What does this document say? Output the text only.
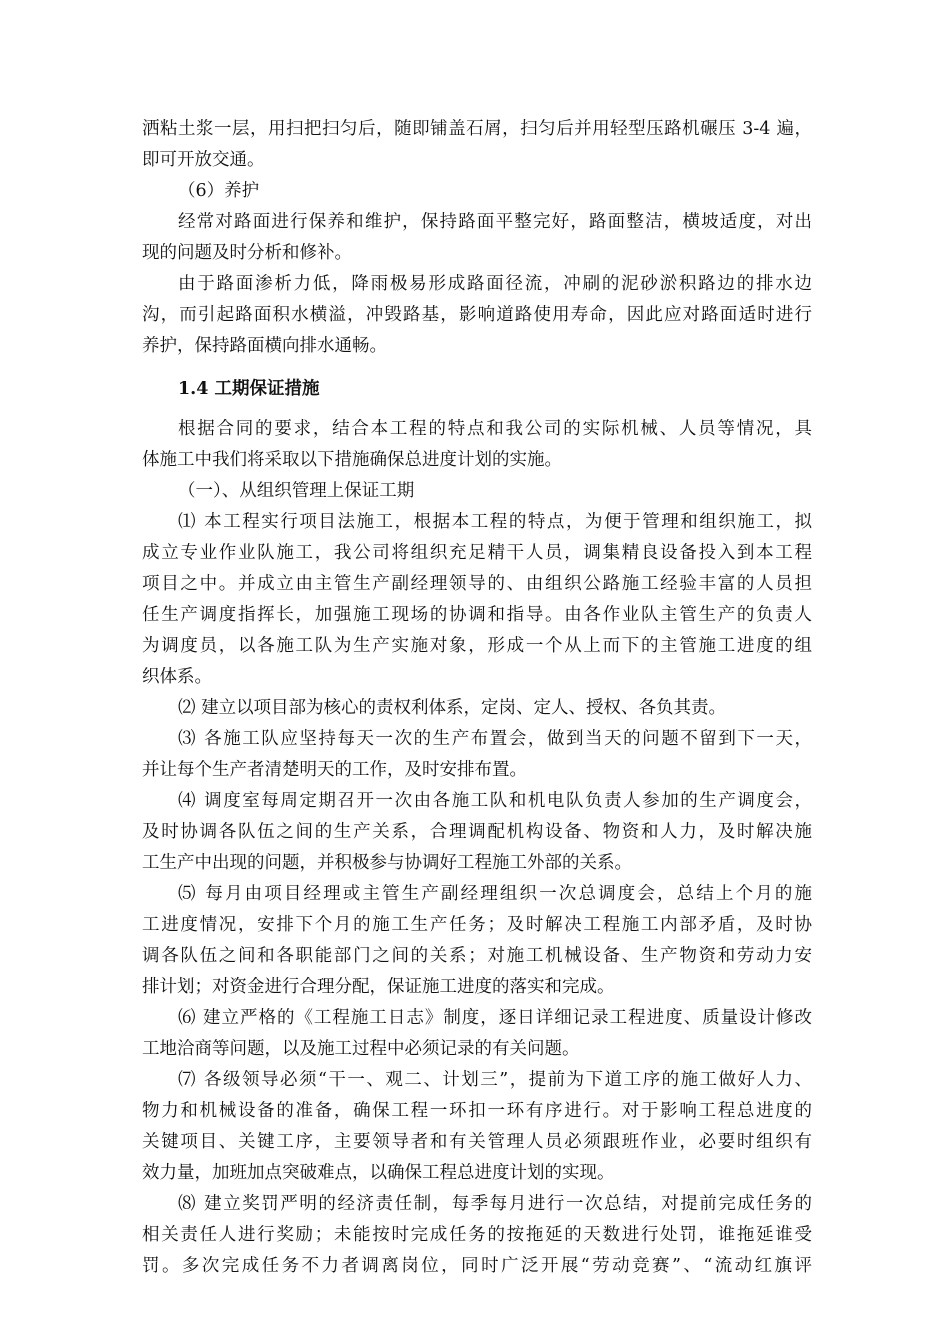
洒粘土浆一层，用扫把扫匀后，随即铺盖石屑，扫匀后并用轻型压路机碾压 3-4 遍，
即可开放交通。
（6）养护
经常对路面进行保养和维护，保持路面平整完好，路面整洁，横坡适度，对出
现的问题及时分析和修补。
由于路面渗析力低，降雨极易形成路面径流，冲刷的泥砂淤积路边的排水边
沟，而引起路面积水横溢，冲毁路基，影响道路使用寿命，因此应对路面适时进行
养护，保持路面横向排水通畅。
1.4 工期保证措施
根据合同的要求，结合本工程的特点和我公司的实际机械、人员等情况，具
体施工中我们将采取以下措施确保总进度计划的实施。
（一）、从组织管理上保证工期
⑴ 本工程实行项目法施工，根据本工程的特点，为便于管理和组织施工，拟
成立专业作业队施工，我公司将组织充足精干人员，调集精良设备投入到本工程
项目之中。并成立由主管生产副经理领导的、由组织公路施工经验丰富的人员担
任生产调度指挥长，加强施工现场的协调和指导。由各作业队主管生产的负责人
为调度员，以各施工队为生产实施对象，形成一个从上而下的主管施工进度的组
织体系。
⑵ 建立以项目部为核心的责权利体系，定岗、定人、授权、各负其责。
⑶ 各施工队应坚持每天一次的生产布置会，做到当天的问题不留到下一天，
并让每个生产者清楚明天的工作，及时安排布置。
⑷ 调度室每周定期召开一次由各施工队和机电队负责人参加的生产调度会，
及时协调各队伍之间的生产关系，合理调配机构设备、物资和人力，及时解决施
工生产中出现的问题，并积极参与协调好工程施工外部的关系。
⑸ 每月由项目经理或主管生产副经理组织一次总调度会，总结上个月的施
工进度情况，安排下个月的施工生产任务；及时解决工程施工内部矛盾，及时协
调各队伍之间和各职能部门之间的关系；对施工机械设备、生产物资和劳动力安
排计划；对资金进行合理分配，保证施工进度的落实和完成。
⑹ 建立严格的《工程施工日志》制度，逐日详细记录工程进度、质量设计修改
工地洽商等问题，以及施工过程中必须记录的有关问题。
⑺ 各级领导必须“干一、观二、计划三”，提前为下道工序的施工做好人力、
物力和机械设备的准备，确保工程一环扣一环有序进行。对于影响工程总进度的
关键项目、关键工序，主要领导者和有关管理人员必须跟班作业，必要时组织有
效力量，加班加点突破难点，以确保工程总进度计划的实现。
⑻ 建立奖罚严明的经济责任制，每季每月进行一次总结，对提前完成任务的
相关责任人进行奖励；未能按时完成任务的按拖延的天数进行处罚，谁拖延谁受
罚。多次完成任务不力者调离岗位，同时广泛开展“劳动竞赛”、“流动红旗评
